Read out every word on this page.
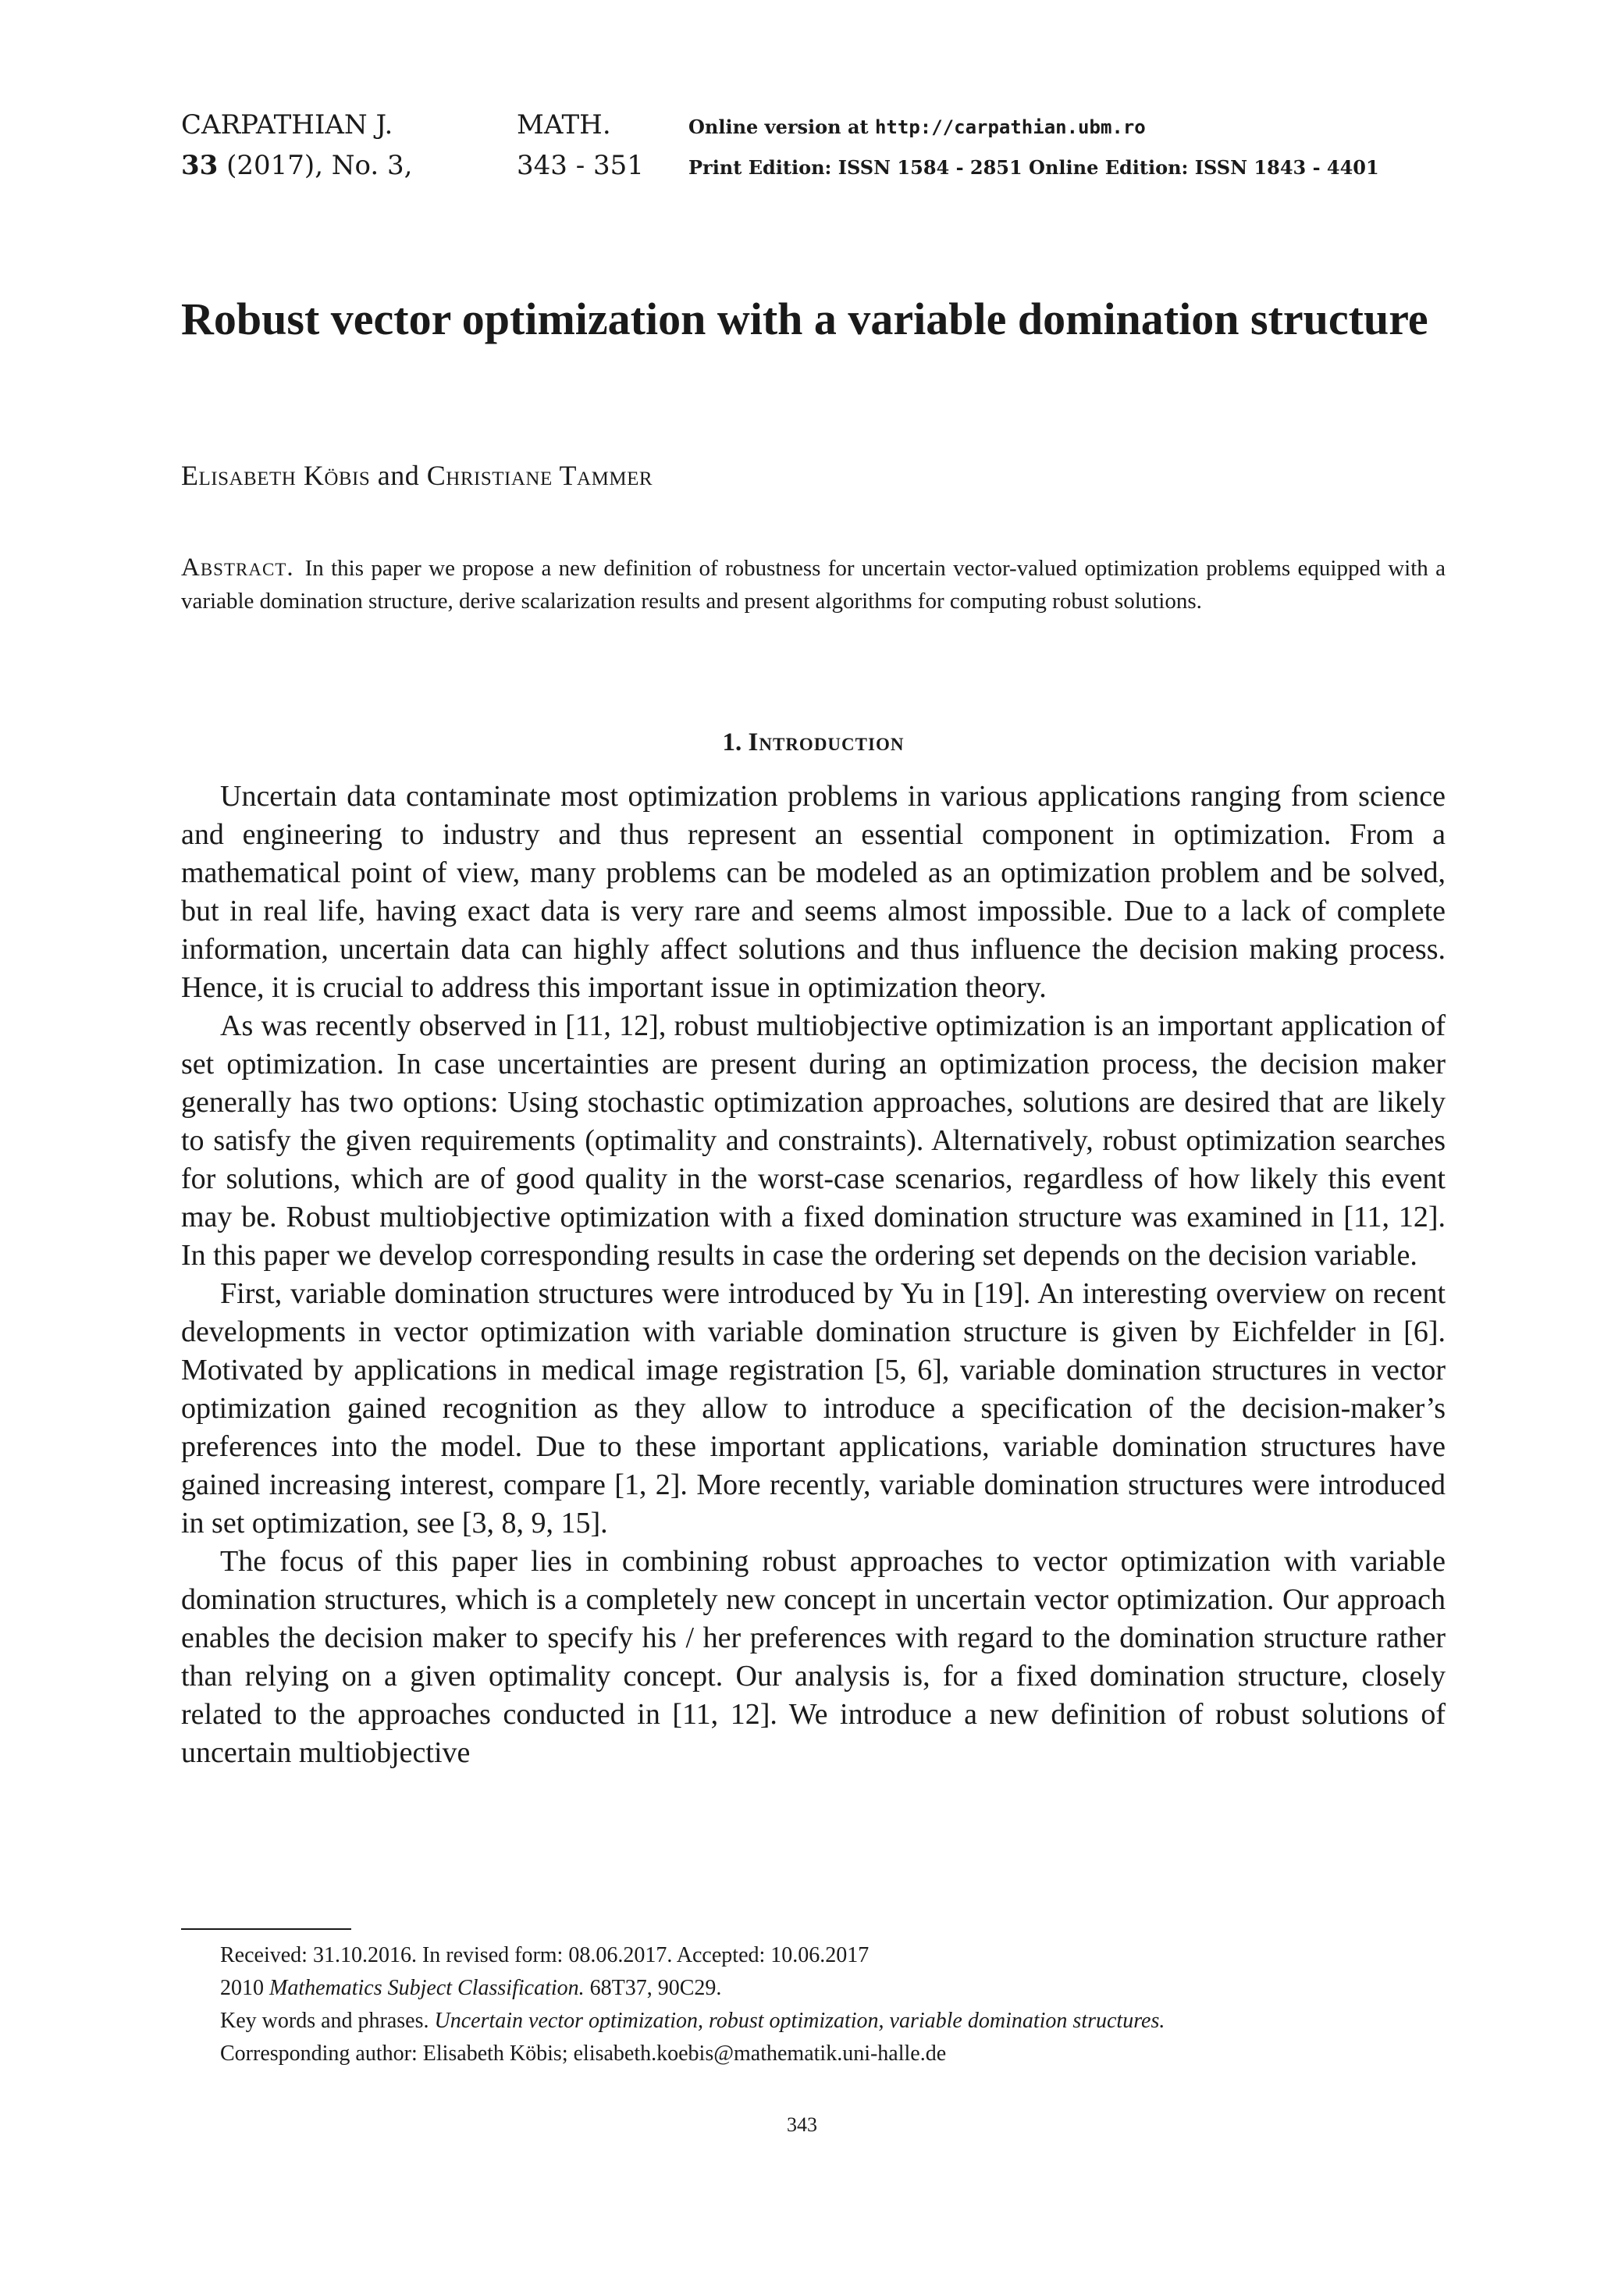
CARPATHIAN J.	MATH.	Online version at http://carpathian.ubm.ro
33 (2017), No. 3,	343 - 351 Print Edition: ISSN 1584 - 2851 Online Edition: ISSN 1843 - 4401
Robust vector optimization with a variable domination structure
Elisabeth Köbis and Christiane Tammer

Abstract. In this paper we propose a new definition of robustness for uncertain vector-valued optimization problems equipped with a variable domination structure, derive scalarization results and present algorithms for computing robust solutions.

1. Introduction

Uncertain data contaminate most optimization problems in various applications ranging from science and engineering to industry and thus represent an essential component in optimization. From a mathematical point of view, many problems can be modeled as an optimization problem and be solved, but in real life, having exact data is very rare and seems almost impossible. Due to a lack of complete information, uncertain data can highly affect solutions and thus influence the decision making process. Hence, it is crucial to address this important issue in optimization theory.

As was recently observed in [11, 12], robust multiobjective optimization is an important application of set optimization. In case uncertainties are present during an optimization process, the decision maker generally has two options: Using stochastic optimization approaches, solutions are desired that are likely to satisfy the given requirements (optimality and constraints). Alternatively, robust optimization searches for solutions, which are of good quality in the worst-case scenarios, regardless of how likely this event may be. Robust multiobjective optimization with a fixed domination structure was examined in [11, 12]. In this paper we develop corresponding results in case the ordering set depends on the decision variable.

First, variable domination structures were introduced by Yu in [19]. An interesting overview on recent developments in vector optimization with variable domination structure is given by Eichfelder in [6]. Motivated by applications in medical image registration [5, 6], variable domination structures in vector optimization gained recognition as they allow to introduce a specification of the decision-maker’s preferences into the model. Due to these important applications, variable domination structures have gained increasing interest, compare [1, 2]. More recently, variable domination structures were introduced in set optimization, see [3, 8, 9, 15].

The focus of this paper lies in combining robust approaches to vector optimization with variable domination structures, which is a completely new concept in uncertain vector optimization. Our approach enables the decision maker to specify his / her preferences with regard to the domination structure rather than relying on a given optimality concept. Our analysis is, for a fixed domination structure, closely related to the approaches conducted in [11, 12]. We introduce a new definition of robust solutions of uncertain multiobjective

Received: 31.10.2016. In revised form: 08.06.2017. Accepted: 10.06.2017
2010 Mathematics Subject Classification. 68T37, 90C29.
Key words and phrases. Uncertain vector optimization, robust optimization, variable domination structures.
Corresponding author: Elisabeth Köbis; elisabeth.koebis@mathematik.uni-halle.de
343
